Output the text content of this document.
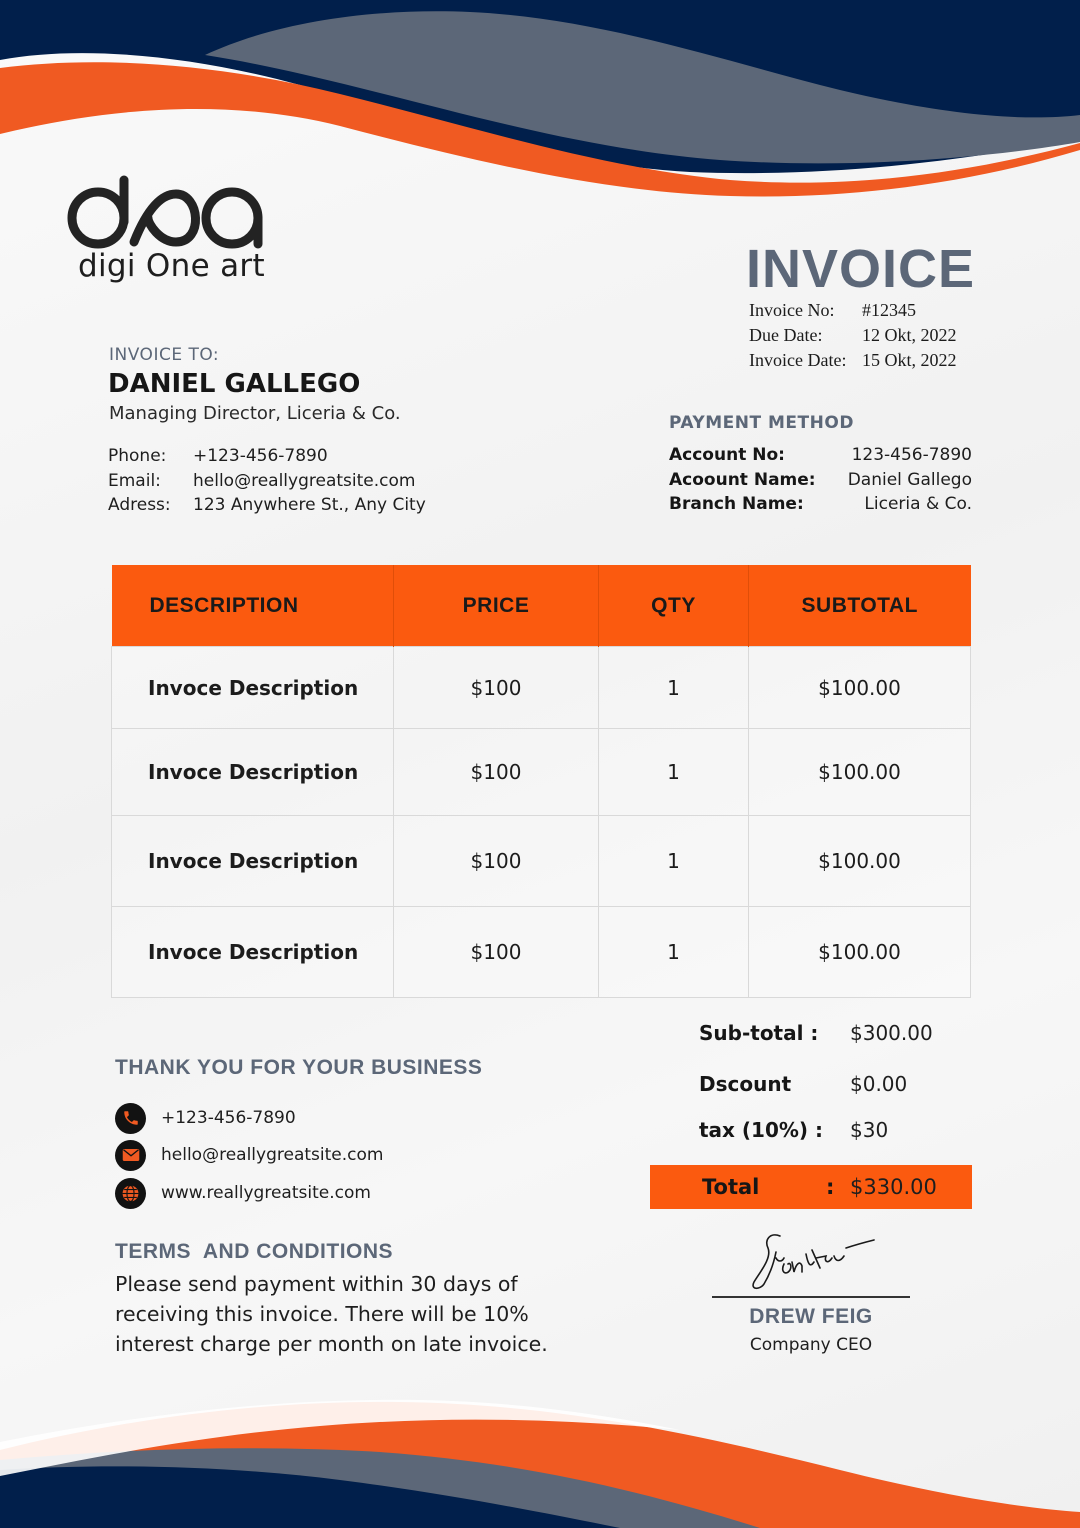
digi One art	INVOICE
Invoice No:	#12345
Due Date:	12 Okt, 2022
Invoice Date: 15 Okt, 2022
INVOICE TO:
DANIEL GALLEGO
Managing Director, Liceria & Co.
Phone:	+123-456-7890
Email:	hello@reallygreatsite.com
Adress:	123 Anywhere St., Any City
PAYMENT METHOD
Account No:	123-456-7890
Acoount Name: Daniel Gallego
Branch Name:	Liceria & Co.
DESCRIPTION	PRICE	QTY	SUBTOTAL
Invoce Description	$100	1	$100.00
Invoce Description	$100	1	$100.00
Invoce Description	$100	1	$100.00
Invoce Description	$100	1	$100.00
THANK YOU FOR YOUR BUSINESS
+123-456-7890
hello@reallygreatsite.com
www.reallygreatsite.com
TERMS  AND CONDITIONS
Please send payment within 30 days of receiving this invoice. There will be 10% interest charge per month on late invoice.
Sub-total : $300.00
Dscount	$0.00
tax (10%) : $30
Total	: $330.00
DREW FEIG
Company CEO
